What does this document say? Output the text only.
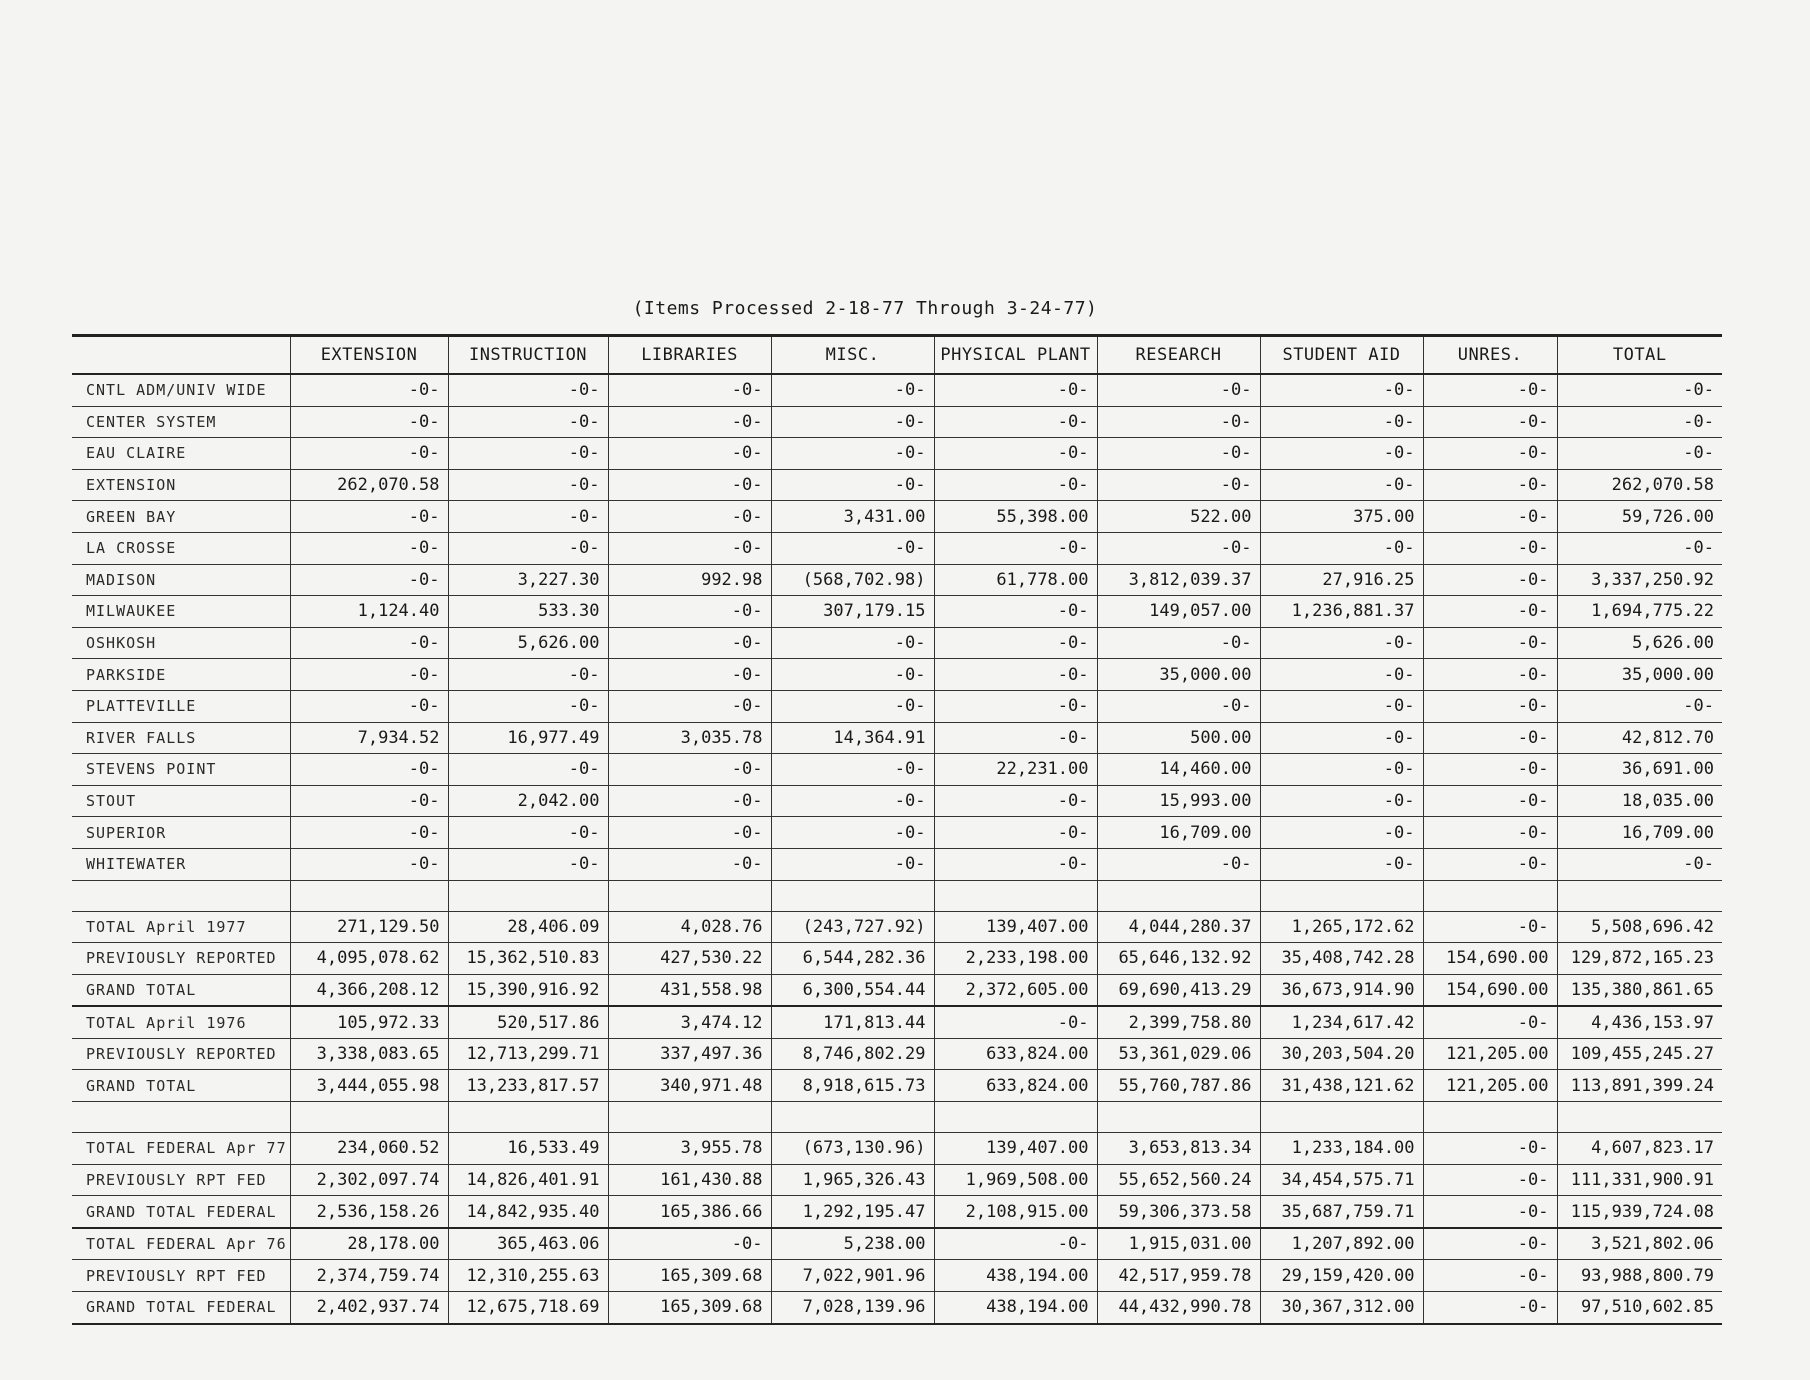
(Items Processed 2-18-77 Through 3-24-77)
	EXTENSION	INSTRUCTION	LIBRARIES	MISC.	PHYSICAL PLANT	RESEARCH	STUDENT AID	UNRES.	TOTAL
CNTL ADM/UNIV WIDE	-0-	-0-	-0-	-0-	-0-	-0-	-0-	-0-	-0-
CENTER SYSTEM	-0-	-0-	-0-	-0-	-0-	-0-	-0-	-0-	-0-
EAU CLAIRE	-0-	-0-	-0-	-0-	-0-	-0-	-0-	-0-	-0-
EXTENSION	262,070.58	-0-	-0-	-0-	-0-	-0-	-0-	-0-	262,070.58
GREEN BAY	-0-	-0-	-0-	3,431.00	55,398.00	522.00	375.00	-0-	59,726.00
LA CROSSE	-0-	-0-	-0-	-0-	-0-	-0-	-0-	-0-	-0-
MADISON	-0-	3,227.30	992.98	(568,702.98)	61,778.00	3,812,039.37	27,916.25	-0-	3,337,250.92
MILWAUKEE	1,124.40	533.30	-0-	307,179.15	-0-	149,057.00	1,236,881.37	-0-	1,694,775.22
OSHKOSH	-0-	5,626.00	-0-	-0-	-0-	-0-	-0-	-0-	5,626.00
PARKSIDE	-0-	-0-	-0-	-0-	-0-	35,000.00	-0-	-0-	35,000.00
PLATTEVILLE	-0-	-0-	-0-	-0-	-0-	-0-	-0-	-0-	-0-
RIVER FALLS	7,934.52	16,977.49	3,035.78	14,364.91	-0-	500.00	-0-	-0-	42,812.70
STEVENS POINT	-0-	-0-	-0-	-0-	22,231.00	14,460.00	-0-	-0-	36,691.00
STOUT	-0-	2,042.00	-0-	-0-	-0-	15,993.00	-0-	-0-	18,035.00
SUPERIOR	-0-	-0-	-0-	-0-	-0-	16,709.00	-0-	-0-	16,709.00
WHITEWATER	-0-	-0-	-0-	-0-	-0-	-0-	-0-	-0-	-0-

TOTAL April 1977	271,129.50	28,406.09	4,028.76	(243,727.92)	139,407.00	4,044,280.37	1,265,172.62	-0-	5,508,696.42
PREVIOUSLY REPORTED	4,095,078.62	15,362,510.83	427,530.22	6,544,282.36	2,233,198.00	65,646,132.92	35,408,742.28	154,690.00	129,872,165.23
GRAND TOTAL	4,366,208.12	15,390,916.92	431,558.98	6,300,554.44	2,372,605.00	69,690,413.29	36,673,914.90	154,690.00	135,380,861.65
TOTAL April 1976	105,972.33	520,517.86	3,474.12	171,813.44	-0-	2,399,758.80	1,234,617.42	-0-	4,436,153.97
PREVIOUSLY REPORTED	3,338,083.65	12,713,299.71	337,497.36	8,746,802.29	633,824.00	53,361,029.06	30,203,504.20	121,205.00	109,455,245.27
GRAND TOTAL	3,444,055.98	13,233,817.57	340,971.48	8,918,615.73	633,824.00	55,760,787.86	31,438,121.62	121,205.00	113,891,399.24

TOTAL FEDERAL Apr 77	234,060.52	16,533.49	3,955.78	(673,130.96)	139,407.00	3,653,813.34	1,233,184.00	-0-	4,607,823.17
PREVIOUSLY RPT FED	2,302,097.74	14,826,401.91	161,430.88	1,965,326.43	1,969,508.00	55,652,560.24	34,454,575.71	-0-	111,331,900.91
GRAND TOTAL FEDERAL	2,536,158.26	14,842,935.40	165,386.66	1,292,195.47	2,108,915.00	59,306,373.58	35,687,759.71	-0-	115,939,724.08
TOTAL FEDERAL Apr 76	28,178.00	365,463.06	-0-	5,238.00	-0-	1,915,031.00	1,207,892.00	-0-	3,521,802.06
PREVIOUSLY RPT FED	2,374,759.74	12,310,255.63	165,309.68	7,022,901.96	438,194.00	42,517,959.78	29,159,420.00	-0-	93,988,800.79
GRAND TOTAL FEDERAL	2,402,937.74	12,675,718.69	165,309.68	7,028,139.96	438,194.00	44,432,990.78	30,367,312.00	-0-	97,510,602.85
